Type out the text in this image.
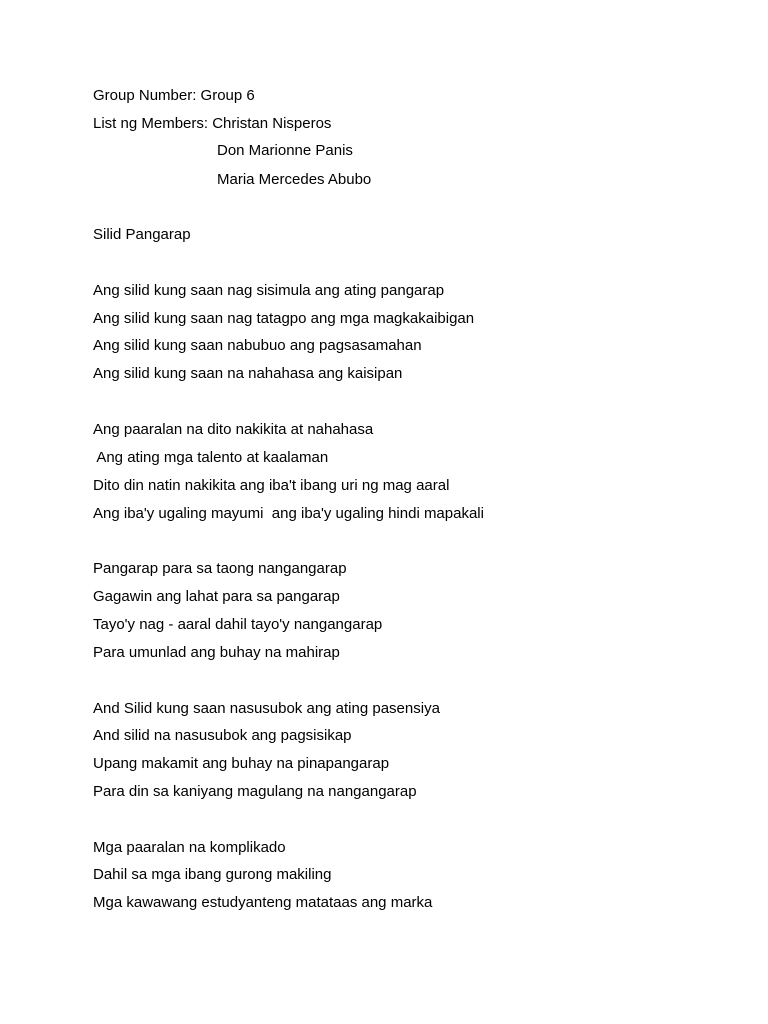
Group Number: Group 6
List ng Members: Christan Nisperos
Don Marionne Panis
Maria Mercedes Abubo
Silid Pangarap
Ang silid kung saan nag sisimula ang ating pangarap
Ang silid kung saan nag tatagpo ang mga magkakaibigan
Ang silid kung saan nabubuo ang pagsasamahan
Ang silid kung saan na nahahasa ang kaisipan
Ang paaralan na dito nakikita at nahahasa
Ang ating mga talento at kaalaman
Dito din natin nakikita ang iba't ibang uri ng mag aaral
Ang iba'y ugaling mayumi  ang iba'y ugaling hindi mapakali
Pangarap para sa taong nangangarap
Gagawin ang lahat para sa pangarap
Tayo'y nag - aaral dahil tayo'y nangangarap
Para umunlad ang buhay na mahirap
And Silid kung saan nasusubok ang ating pasensiya
And silid na nasusubok ang pagsisikap
Upang makamit ang buhay na pinapangarap
Para din sa kaniyang magulang na nangangarap
Mga paaralan na komplikado
Dahil sa mga ibang gurong makiling
Mga kawawang estudyanteng matataas ang marka
